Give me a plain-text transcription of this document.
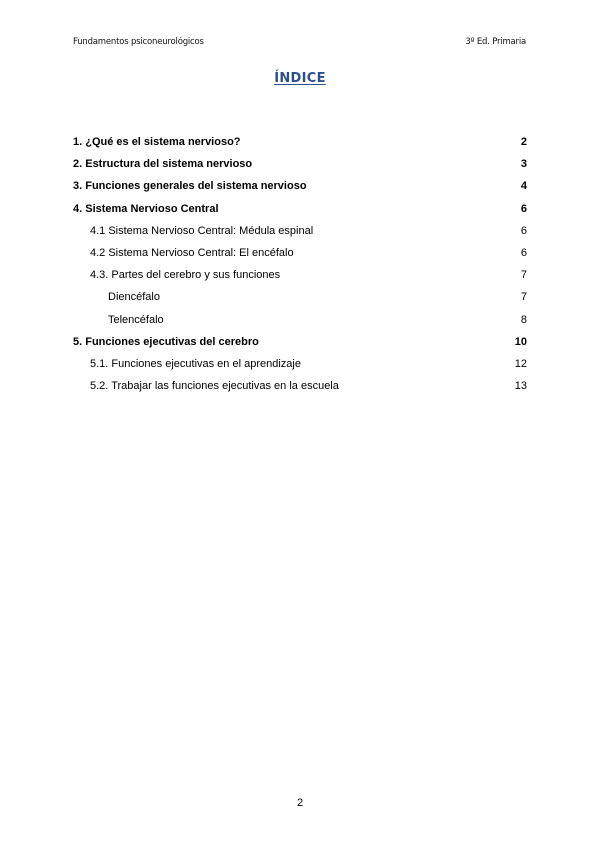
Fundamentos psiconeurológicos	3º Ed. Primaria
ÍNDICE
1. ¿Qué es el sistema nervioso?	2
2. Estructura del sistema nervioso	3
3. Funciones generales del sistema nervioso	4
4. Sistema Nervioso Central	6
4.1 Sistema Nervioso Central: Médula espinal	6
4.2 Sistema Nervioso Central: El encéfalo	6
4.3. Partes del cerebro y sus funciones	7
Diencéfalo	7
Telencéfalo	8
5. Funciones ejecutivas del cerebro	10
5.1. Funciones ejecutivas en el aprendizaje	12
5.2. Trabajar las funciones ejecutivas en la escuela	13
2
